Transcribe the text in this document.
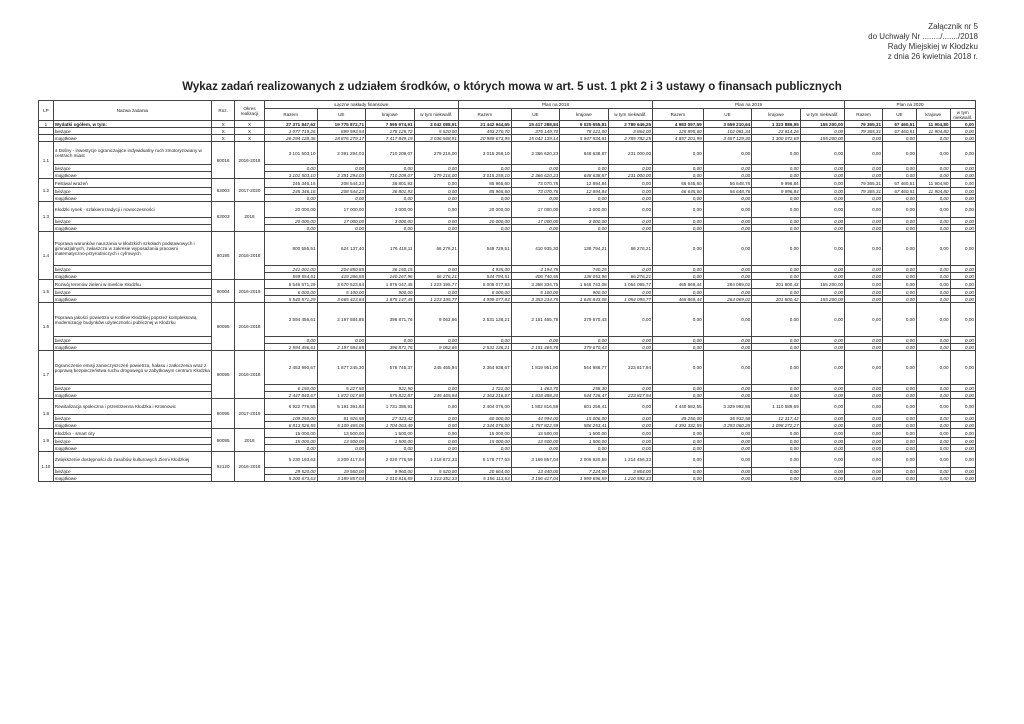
Załącznik nr 5
do Uchwały Nr ......../......./2018
Rady Miejskiej w Kłodzku
z dnia 26 kwietnia 2018 r.
Wykaz zadań realizowanych z udziałem środków, o których mowa w art. 5 ust. 1 pkt 2 i 3 ustawy o finansach publicznych
LP	Nazwa zadania	Roz.	Okres realizacji	Łączne nakłady finansowe				Plan na 2018				Plan na 2019				Plan na 2020			
				Razem	UE	krajowe	w tym niekwalif.	Razem	UE	krajowe	w tym niekwalif.	Razem	UE	krajowe	w tym niekwalif.	Razem	UE	krajowe	w tym niekwalif.
1	Wydatki ogółem, w tym:	X	X	27 371 847,62	19 775 872,71	7 595 974,91	3 042 088,91	21 442 944,65	15 417 288,84	6 025 655,81	2 789 646,25	4 983 097,59	3 659 210,64	1 323 886,95	155 200,00	79 365,31	67 460,51	11 904,80	0,00
	bieżące	X	X	1 077 719,26	899 593,54	178 125,72	5 520,00	453 270,70	375 149,70	78 121,00	3 864,00	125 895,60	102 081,34	23 814,26	0,00	79 365,31	67 460,51	11 904,80	0,00
	majątkowe	X	X	26 294 128,36	18 876 279,17	7 417 849,19	3 036 568,91	20 989 673,95	15 042 139,14	5 947 534,81	2 785 782,25	4 857 201,99	3 557 129,30	1 300 072,69	155 200,00	0,00	0,00	0,00	0,00
1.1	4 Doliny - inwestycje ograniczające indywidualny ruch zmotoryzowany w centrach miast	60016	2016-2018	3 101 503,10	2 391 294,03	710 209,07	279 216,00	3 015 259,10	2 366 620,23	648 638,87	231 000,00	0,00	0,00	0,00	0,00	0,00	0,00	0,00	0,00
	bieżące			0,00	0,00	0,00	0,00	0,00	0,00	0,00	0,00	0,00	0,00	0,00	0,00	0,00	0,00	0,00	0,00
	majątkowe			3 101 503,10	2 391 294,03	710 209,07	279 216,00	3 015 259,10	2 366 620,23	648 638,87	231 000,00	0,00	0,00	0,00	0,00	0,00	0,00	0,00	0,00
1.2	Festiwal wrażeń	63003	2017-2020	245 346,16	208 544,23	36 801,93	0,00	85 965,60	73 070,76	12 894,84	0,00	66 645,60	56 648,76	9 996,84	0,00	79 365,31	67 460,51	11 904,80	0,00
	bieżące			245 346,16	208 544,23	36 801,93	0,00	85 965,60	73 070,76	12 894,84	0,00	66 645,60	56 648,76	9 996,84	0,00	79 365,31	67 460,51	11 904,80	0,00
	majątkowe			0,00	0,00	0,00	0,00	0,00	0,00	0,00	0,00	0,00	0,00	0,00	0,00	0,00	0,00	0,00	0,00
1.3	Kłodzki rynek - szlakiem tradycji i nowoczesności	63003	2018	20 000,00	17 000,00	3 000,00	0,00	20 000,00	17 000,00	3 000,00	0,00	0,00	0,00	0,00	0,00	0,00	0,00	0,00	0,00
	bieżące			20 000,00	17 000,00	3 000,00	0,00	20 000,00	17 000,00	3 000,00	0,00	0,00	0,00	0,00	0,00	0,00	0,00	0,00	0,00
	majątkowe			0,00	0,00	0,00	0,00	0,00	0,00	0,00	0,00	0,00	0,00	0,00	0,00	0,00	0,00	0,00	0,00
1.4	Poprawa warunków nauczania w kłodzkich szkołach podstawowych i gimnazjalnych, zwłaszcza w zakresie wyposażania pracowni matematyczno-przyrodniczych i cyfrowych	80195	2016-2018	800 555,51	624 137,40	176 418,11	66 276,21	549 729,51	410 935,30	138 794,21	66 276,21	0,00	0,00	0,00	0,00	0,00	0,00	0,00	0,00
	bieżące			241 001,00	204 850,85	36 150,15	0,00	4 935,00	4 194,75	740,25	0,00	0,00	0,00	0,00	0,00	0,00	0,00	0,00	0,00
	majątkowe			559 554,51	419 286,55	140 267,96	66 276,21	544 794,51	406 740,55	138 053,96	66 276,21	0,00	0,00	0,00	0,00	0,00	0,00	0,00	0,00
1.5	Rozwój terenów zieleni w mieście Kłodzku	90004	2016-2019	5 546 571,29	3 670 523,84	1 876 047,45	1 223 195,77	5 005 077,83	3 358 334,75	1 646 743,08	1 054 095,77	465 869,44	264 069,02	201 800,42	155 200,00	0,00	0,00	0,00	0,00
	bieżące			6 000,00	5 100,00	900,00	0,00	6 000,00	5 100,00	900,00	0,00	0,00	0,00	0,00	0,00	0,00	0,00	0,00	0,00
	majątkowe			5 540 571,29	3 665 423,84	1 875 147,45	1 223 195,77	4 999 077,83	3 353 234,75	1 645 843,08	1 054 095,77	465 869,44	264 069,02	201 800,42	155 200,00	0,00	0,00	0,00	0,00
1.6	Poprawa jakości powietrza w Kotlinie Kłodzkiej poprzez kompleksową modernizację budynków użyteczności publicznej w Kłodzku	90095	2016-2018	2 594 456,61	2 197 584,85	396 871,76	9 062,66	2 531 136,21	2 151 465,78	379 670,43	0,00	0,00	0,00	0,00	0,00	0,00	0,00	0,00	0,00
	bieżące			0,00	0,00	0,00	0,00	0,00	0,00	0,00	0,00	0,00	0,00	0,00	0,00	0,00	0,00	0,00	0,00
	majątkowe			2 594 456,61	2 197 584,85	396 871,76	9 062,66	2 531 136,21	2 151 465,78	379 670,43	0,00	0,00	0,00	0,00	0,00	0,00	0,00	0,00	0,00
1.7	Ograniczenie emisji zanieczyszczeń powietrza, hałasu i zatłoczenia wraz z poprawą bezpieczeństwa ruchu drogowego w zabytkowym centrum Kłodzka	90095	2016-2018	2 453 990,67	1 877 245,30	576 745,37	245 465,94	2 364 938,67	1 819 951,90	544 986,77	223 817,94	0,00	0,00	0,00	0,00	0,00	0,00	0,00	0,00
	bieżące			6 150,00	5 227,50	922,50	0,00	1 722,00	1 463,70	258,30	0,00	0,00	0,00	0,00	0,00	0,00	0,00	0,00	0,00
	majątkowe			2 447 840,67	1 872 017,80	575 822,87	245 465,94	2 363 216,67	1 818 488,20	544 728,47	223 817,94	0,00	0,00	0,00	0,00	0,00	0,00	0,00	0,00
1.8	Rewitalizacja społeczna i przestrzenna Kłodzka i Krosnowic	90095	2017-2019	6 922 776,55	5 191 391,64	1 731 386,91	0,00	2 404 076,00	1 802 816,59	601 259,41	0,00	4 440 582,55	3 329 992,86	1 110 589,69	0,00	0,00	0,00	0,00	0,00
	bieżące			109 250,00	81 926,58	27 323,42	0,00	60 000,00	44 994,00	15 006,00	0,00	49 250,00	36 932,58	12 317,42	0,00	0,00	0,00	0,00	0,00
	majątkowe			6 813 526,55	5 109 465,06	1 704 063,49	0,00	2 344 076,00	1 757 822,59	586 253,41	0,00	4 391 332,55	3 293 060,28	1 098 272,27	0,00	0,00	0,00	0,00	0,00
1.9	Kłodzko - smart city	90095	2018	15 000,00	13 500,00	1 500,00	0,00	15 000,00	13 500,00	1 500,00	0,00	0,00	0,00	0,00	0,00	0,00	0,00	0,00	0,00
	bieżące			15 000,00	13 500,00	1 500,00	0,00	15 000,00	13 500,00	1 500,00	0,00	0,00	0,00	0,00	0,00	0,00	0,00	0,00	0,00
	majątkowe			0,00	0,00	0,00	0,00	0,00	0,00	0,00	0,00	0,00	0,00	0,00	0,00	0,00	0,00	0,00	0,00
1.10	Zwiększenie dostępności do zasobów kulturowych Ziemi Kłodzkiej	92120	2016-2018	5 230 193,63	3 209 417,04	2 020 776,59	1 218 872,33	5 176 777,63	3 169 857,04	2 006 920,59	1 214 456,33	0,00	0,00	0,00	0,00	0,00	0,00	0,00	0,00
	bieżące			29 520,00	19 560,00	9 960,00	5 520,00	20 664,00	13 440,00	7 224,00	3 864,00	0,00	0,00	0,00	0,00	0,00	0,00	0,00	0,00
	majątkowe			5 200 673,63	3 189 857,04	2 010 816,59	1 213 352,33	5 156 113,63	3 156 417,04	1 999 696,59	1 210 592,33	0,00	0,00	0,00	0,00	0,00	0,00	0,00	0,00
